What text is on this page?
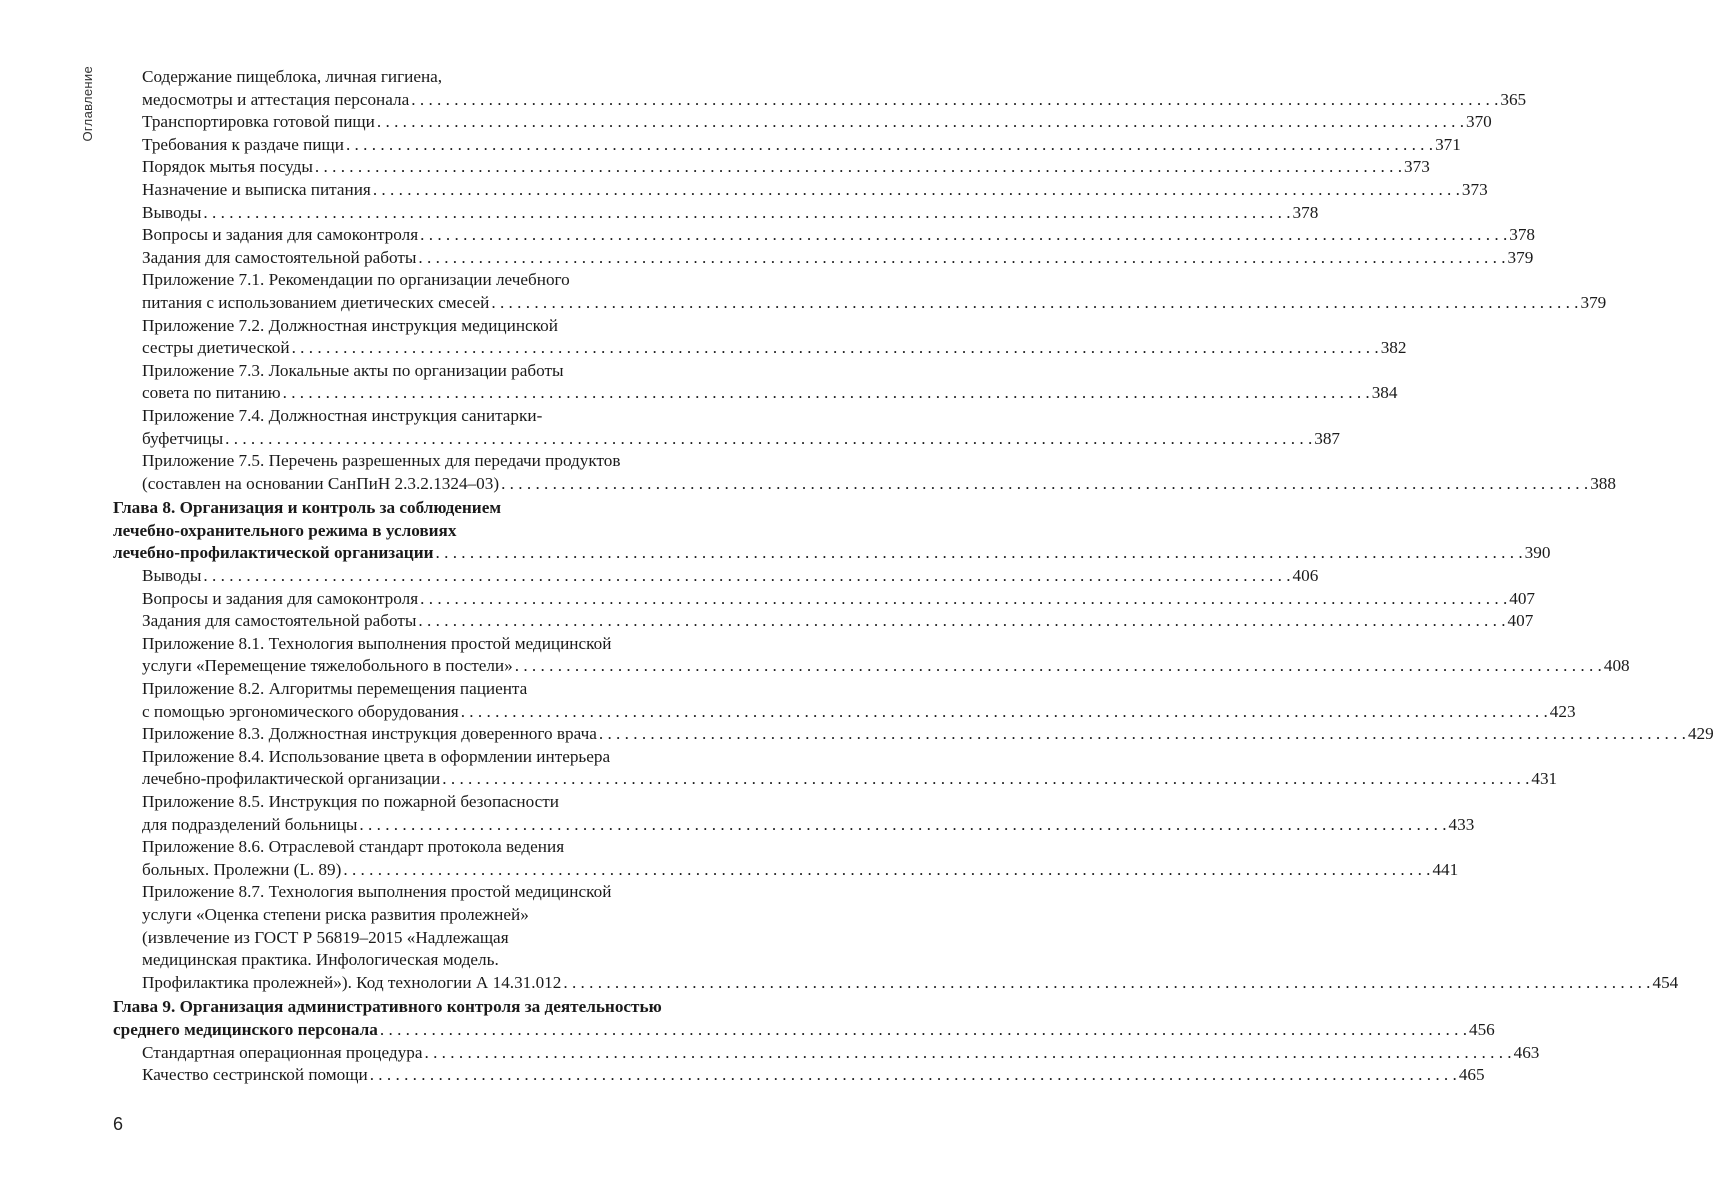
Оглавление	Содержание пищеблока, личная гигиена,
медосмотры и аттестация персонала . . .	365
Транспортировка готовой пищи . . .	370
Требования к раздаче пищи . . .	371
Порядок мытья посуды . . .	373
Назначение и выписка питания . . .	373
Выводы . . .	378
Вопросы и задания для самоконтроля . . .	378
Задания для самостоятельной работы . . .	379
Приложение 7.1. Рекомендации по организации лечебного
питания с использованием диетических смесей . . .	379
Приложение 7.2. Должностная инструкция медицинской
сестры диетической . . .	382
Приложение 7.3. Локальные акты по организации работы
совета по питанию . . .	384
Приложение 7.4. Должностная инструкция санитарки-
буфетчицы . . .	387
Приложение 7.5. Перечень разрешенных для передачи продуктов
(составлен на основании СанПиН 2.3.2.1324–03) . . .	388
Глава 8. Организация и контроль за соблюдением
лечебно-охранительного режима в условиях
лечебно-профилактической организации . . .	390
Выводы . . .	406
Вопросы и задания для самоконтроля . . .	407
Задания для самостоятельной работы . . .	407
Приложение 8.1. Технология выполнения простой медицинской
услуги «Перемещение тяжелобольного в постели» . . .	408
Приложение 8.2. Алгоритмы перемещения пациента
с помощью эргономического оборудования . . .	423
Приложение 8.3. Должностная инструкция доверенного врача . . .	429
Приложение 8.4. Использование цвета в оформлении интерьера
лечебно-профилактической организации . . .	431
Приложение 8.5. Инструкция по пожарной безопасности
для подразделений больницы . . .	433
Приложение 8.6. Отраслевой стандарт протокола ведения
больных. Пролежни (L. 89) . . .	441
Приложение 8.7. Технология выполнения простой медицинской
услуги «Оценка степени риска развития пролежней»
(извлечение из ГОСТ Р 56819–2015 «Надлежащая
медицинская практика. Инфологическая модель.
Профилактика пролежней»). Код технологии А 14.31.012 . . .	454
Глава 9. Организация административного контроля за деятельностью
среднего медицинского персонала . . .	456
Стандартная операционная процедура . . .	463
Качество сестринской помощи . . .	465
6
